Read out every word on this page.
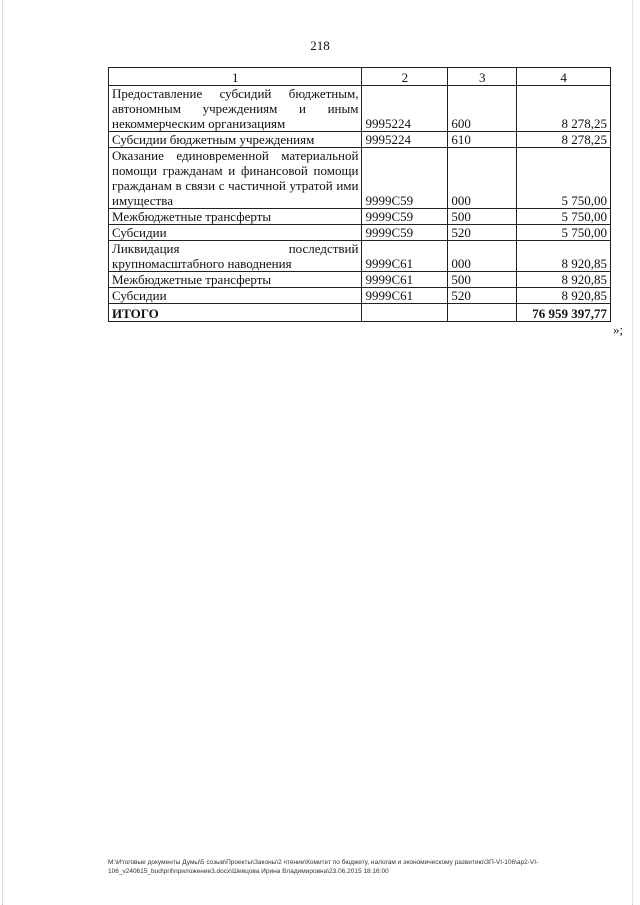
218
1	2	3	4
Предоставление субсидий бюджетным, автономным учреждениям и иным некоммерческим организациям	9995224	600	8 278,25
Субсидии бюджетным учреждениям	9995224	610	8 278,25
Оказание единовременной материальной помощи гражданам и финансовой помощи гражданам в связи с частичной утратой ими имущества	9999С59	000	5 750,00
Межбюджетные трансферты	9999С59	500	5 750,00
Субсидии	9999С59	520	5 750,00
Ликвидация последствий крупномасштабного наводнения	9999С61	000	8 920,85
Межбюджетные трансферты	9999С61	500	8 920,85
Субсидии	9999С61	520	8 920,85
ИТОГО			76 959 397,77
»;
M:\Итоговые документы Думы\5 созыв\Проекты\Законы\2 чтение\Комитет по бюджету, налогам и экономическому развитию\ЗП-VI-106\ap2-VI-
106_v240615_bud\pril\приложение3.docx\Шевцова Ирина Владимировна\23.06.2015 18:16:00
